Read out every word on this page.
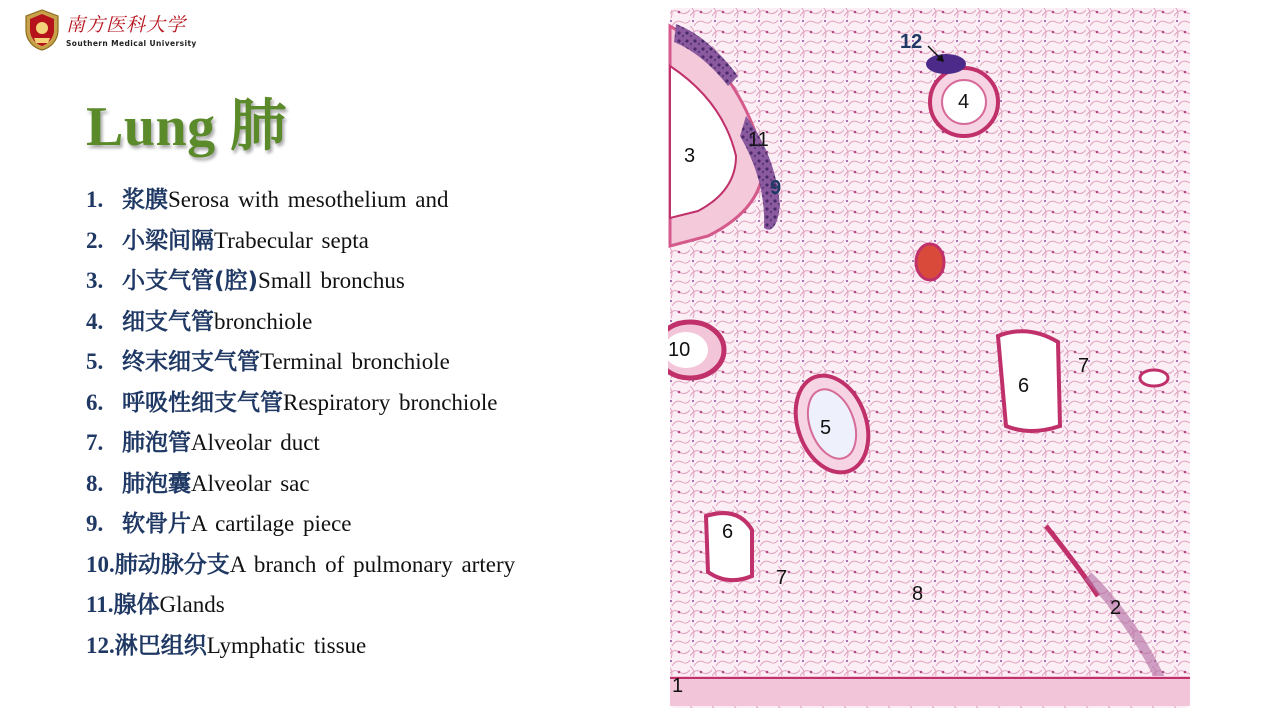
南方医科大学
Southern Medical University
Lung 肺
1. 浆膜Serosa with mesothelium and
2. 小梁间隔Trabecular septa
3. 小支气管(腔)Small bronchus
4. 细支气管bronchiole
5. 终末细支气管Terminal bronchiole
6. 呼吸性细支气管Respiratory bronchiole
7. 肺泡管Alveolar duct
8. 肺泡囊Alveolar sac
9. 软骨片A cartilage piece
10.肺动脉分支A branch of pulmonary artery
11.腺体Glands
12.淋巴组织Lymphatic tissue
1
2
3
4
5
6
6
7
7
8
9
10
11
12
